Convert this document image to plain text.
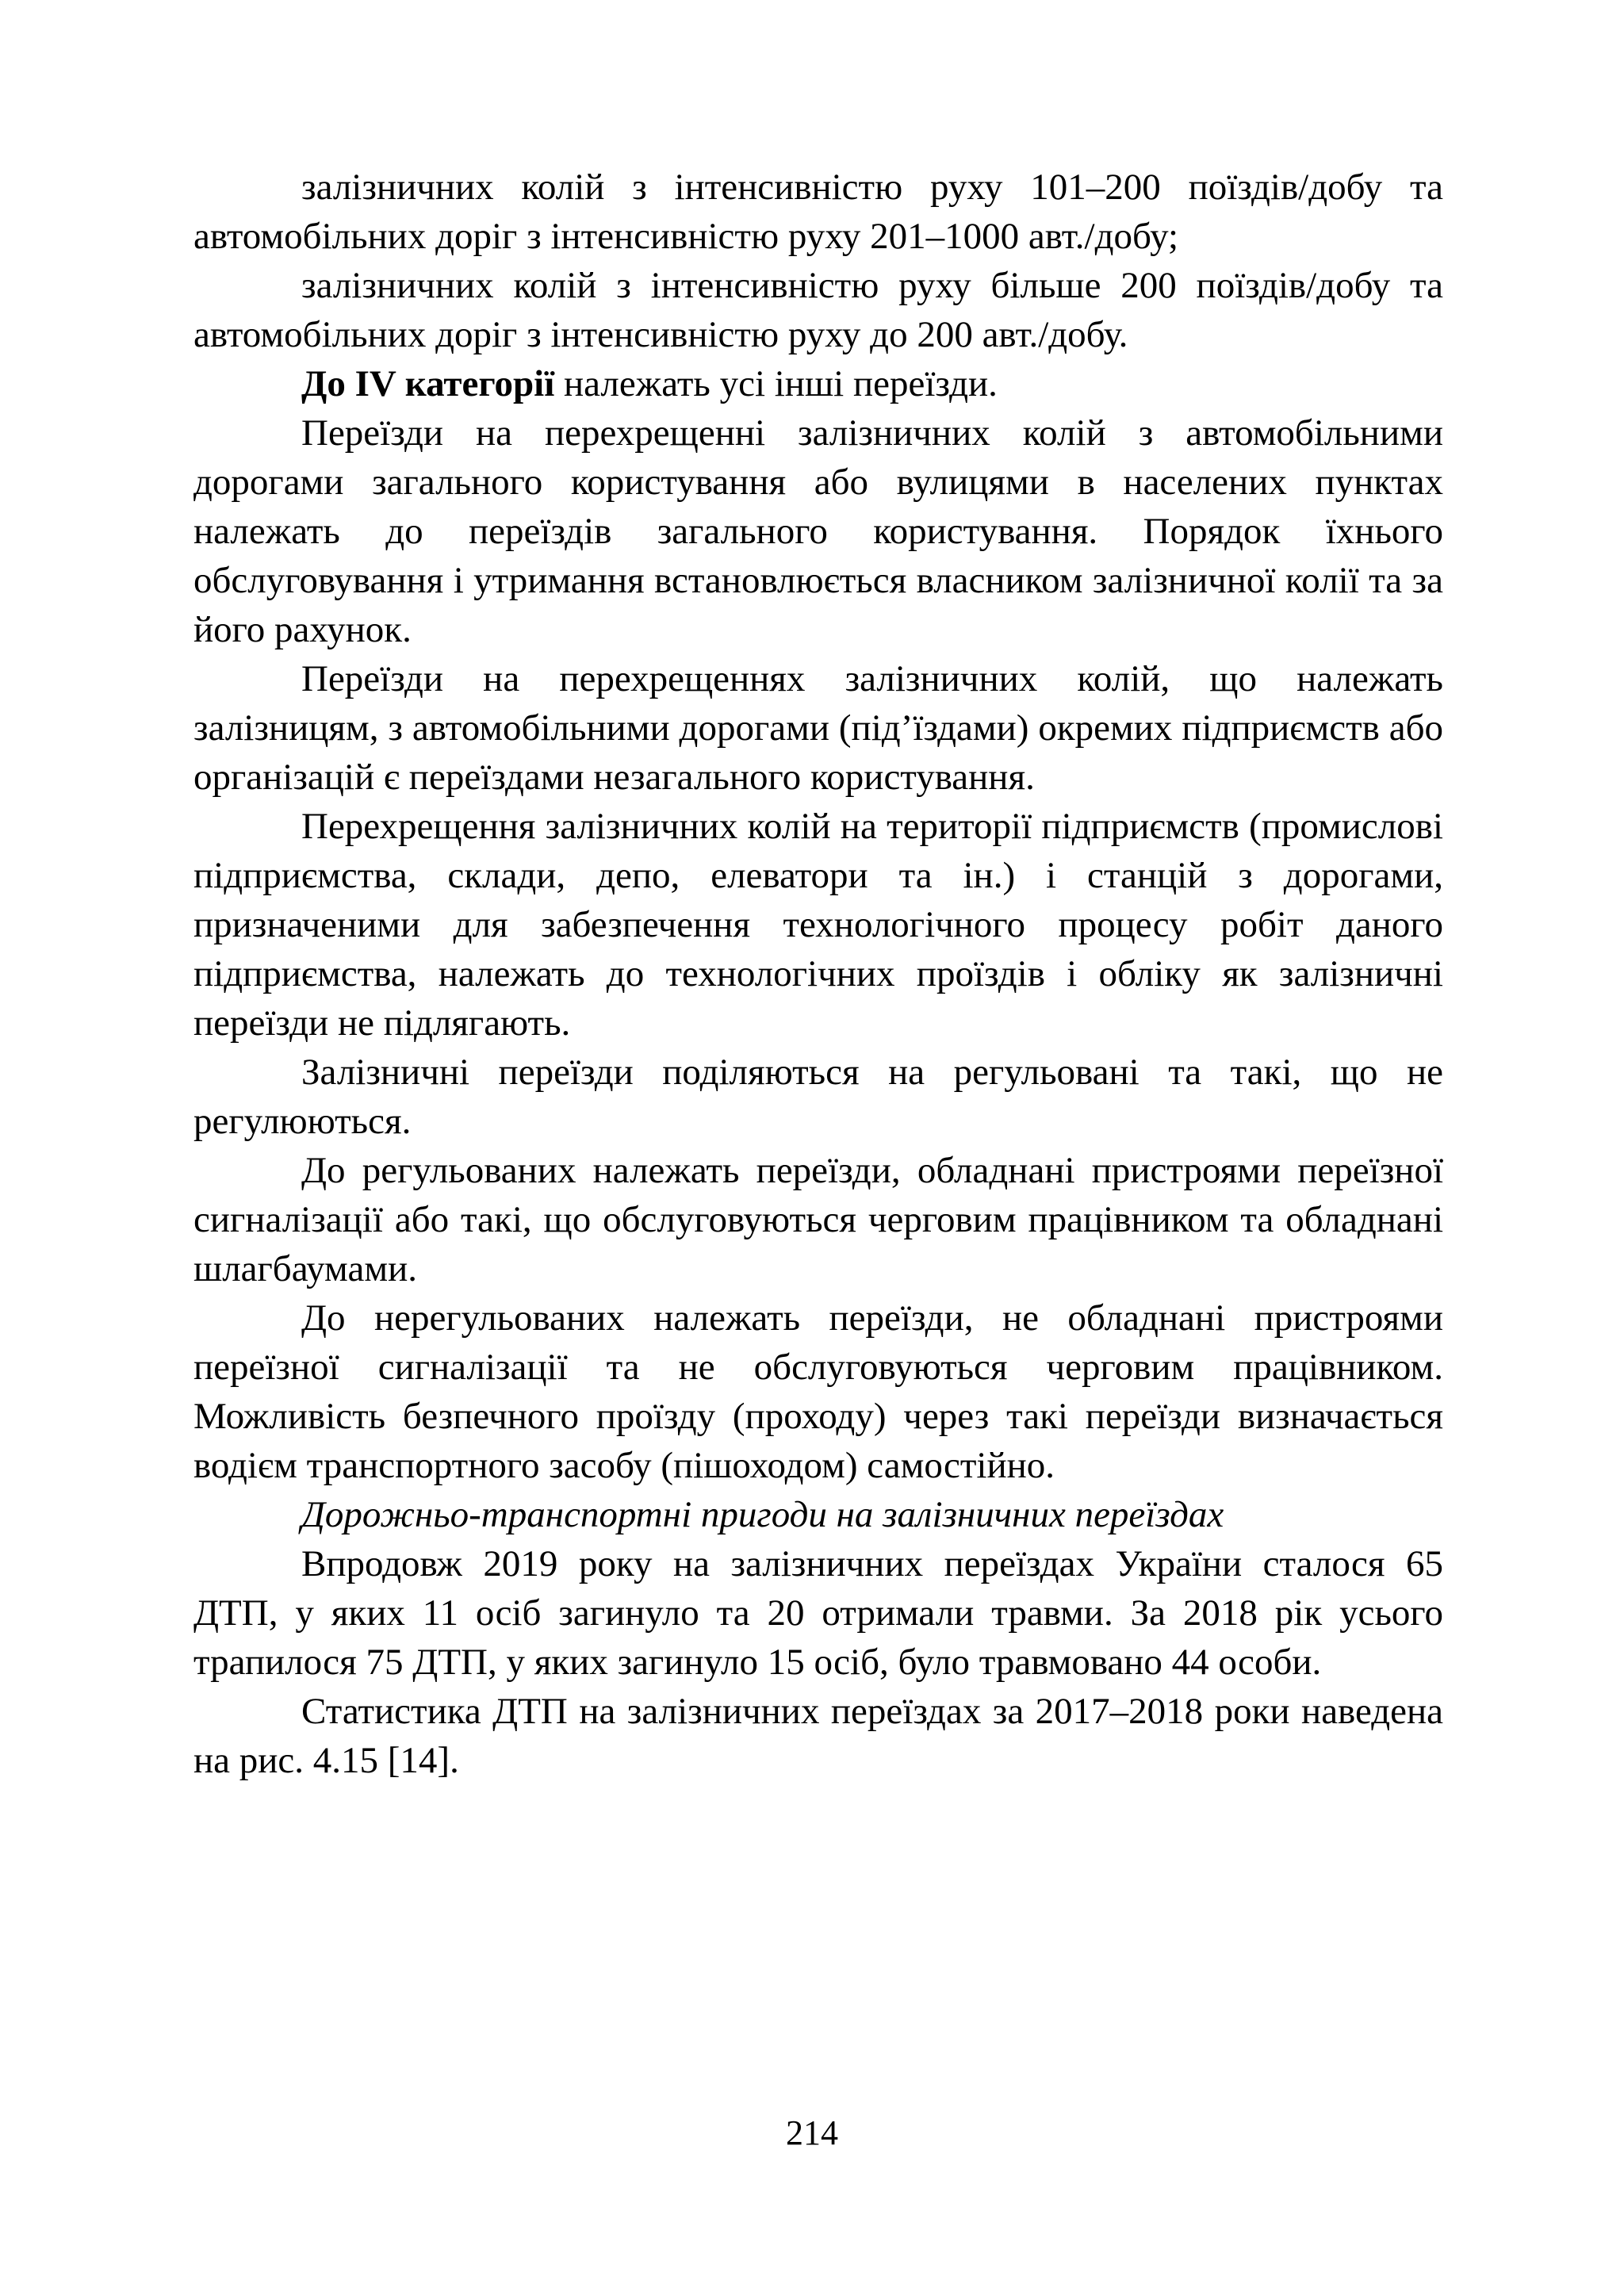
залізничних колій з інтенсивністю руху 101–200 поїздів/добу та автомобільних доріг з інтенсивністю руху 201–1000 авт./добу;

залізничних колій з інтенсивністю руху більше 200 поїздів/добу та автомобільних доріг з інтенсивністю руху до 200 авт./добу.

До IV категорії належать усі інші переїзди.

Переїзди на перехрещенні залізничних колій з автомобільними дорогами загального користування або вулицями в населених пунктах належать до переїздів загального користування. Порядок їхнього обслуговування і утримання встановлюється власником залізничної колії та за його рахунок.

Переїзди на перехрещеннях залізничних колій, що належать залізницям, з автомобільними дорогами (під’їздами) окремих підприємств або організацій є переїздами незагального користування.

Перехрещення залізничних колій на території підприємств (промислові підприємства, склади, депо, елеватори та ін.) і станцій з дорогами, призначеними для забезпечення технологічного процесу робіт даного підприємства, належать до технологічних проїздів і обліку як залізничні переїзди не підлягають.

Залізничні переїзди поділяються на регульовані та такі, що не регулюються.

До регульованих належать переїзди, обладнані пристроями переїзної сигналізації або такі, що обслуговуються черговим працівником та обладнані шлагбаумами.

До нерегульованих належать переїзди, не обладнані пристроями переїзної сигналізації та не обслуговуються черговим працівником. Можливість безпечного проїзду (проходу) через такі переїзди визначається водієм транспортного засобу (пішоходом) самостійно.

Дорожньо-транспортні пригоди на залізничних переїздах

Впродовж 2019 року на залізничних переїздах України сталося 65 ДТП, у яких 11 осіб загинуло та 20 отримали травми. За 2018 рік усього трапилося 75 ДТП, у яких загинуло 15 осіб, було травмовано 44 особи.

Статистика ДТП на залізничних переїздах за 2017–2018 роки наведена на рис. 4.15 [14].

214
